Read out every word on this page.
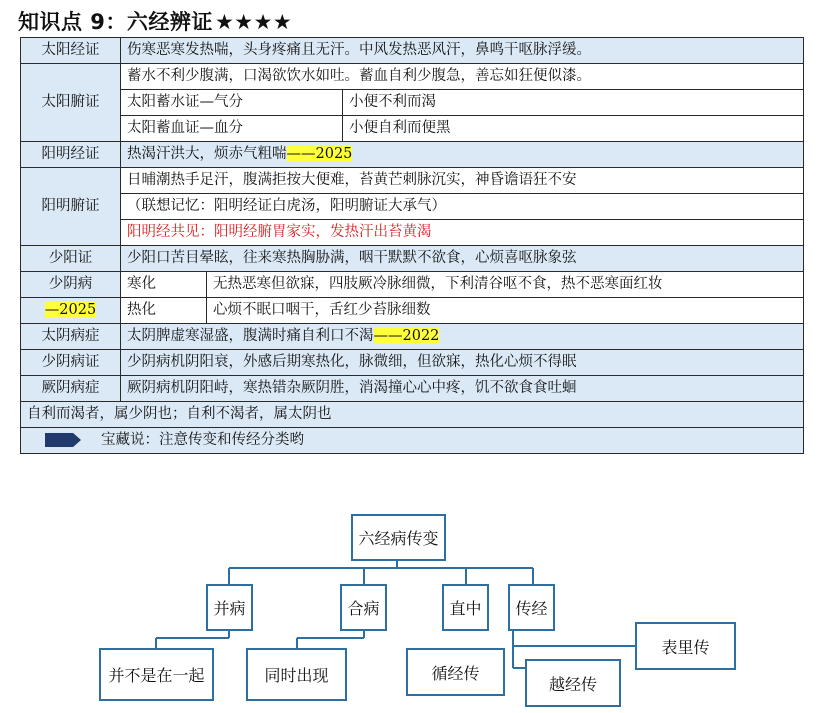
知识点 9：六经辨证★★★★
太阳经证	伤寒恶寒发热喘，头身疼痛且无汗。中风发热恶风汗，鼻鸣干呕脉浮缓。		
太阳腑证	蓄水不利少腹满，口渴欲饮水如吐。蓄血自利少腹急，善忘如狂便似漆。		
	太阳蓄水证—气分		小便不利而渴
	太阳蓄血证—血分		小便自利而便黑
阳明经证	热渴汗洪大，烦赤气粗喘——2025		
阳明腑证	日晡潮热手足汗，腹满拒按大便难，苔黄芒刺脉沉实，神昏谵语狂不安		
	（联想记忆：阳明经证白虎汤，阳明腑证大承气）		
	阳明经共见：阳明经腑胃家实，发热汗出苔黄渴		
少阳证	少阳口苦目晕眩，往来寒热胸胁满，咽干默默不欲食，心烦喜呕脉象弦		
少阴病	寒化	无热恶寒但欲寐，四肢厥冷脉细微，下利清谷呕不食，热不恶寒面红妆	
—2025	热化	心烦不眠口咽干，舌红少苔脉细数	
太阴病症	太阴脾虚寒湿盛，腹满时痛自利口不渴——2022		
少阴病证	少阴病机阴阳衰，外感后期寒热化，脉微细，但欲寐，热化心烦不得眠		
厥阴病症	厥阴病机阴阳峙，寒热错杂厥阴胜，消渴撞心心中疼，饥不欲食食吐蛔		
自利而渴者，属少阴也；自利不渴者，属太阴也			
宝藏说：注意传变和传经分类哟			
六经病传变
并病	合病	直中	传经
并不是在一起	同时出现	循经传
越经传
表里传
